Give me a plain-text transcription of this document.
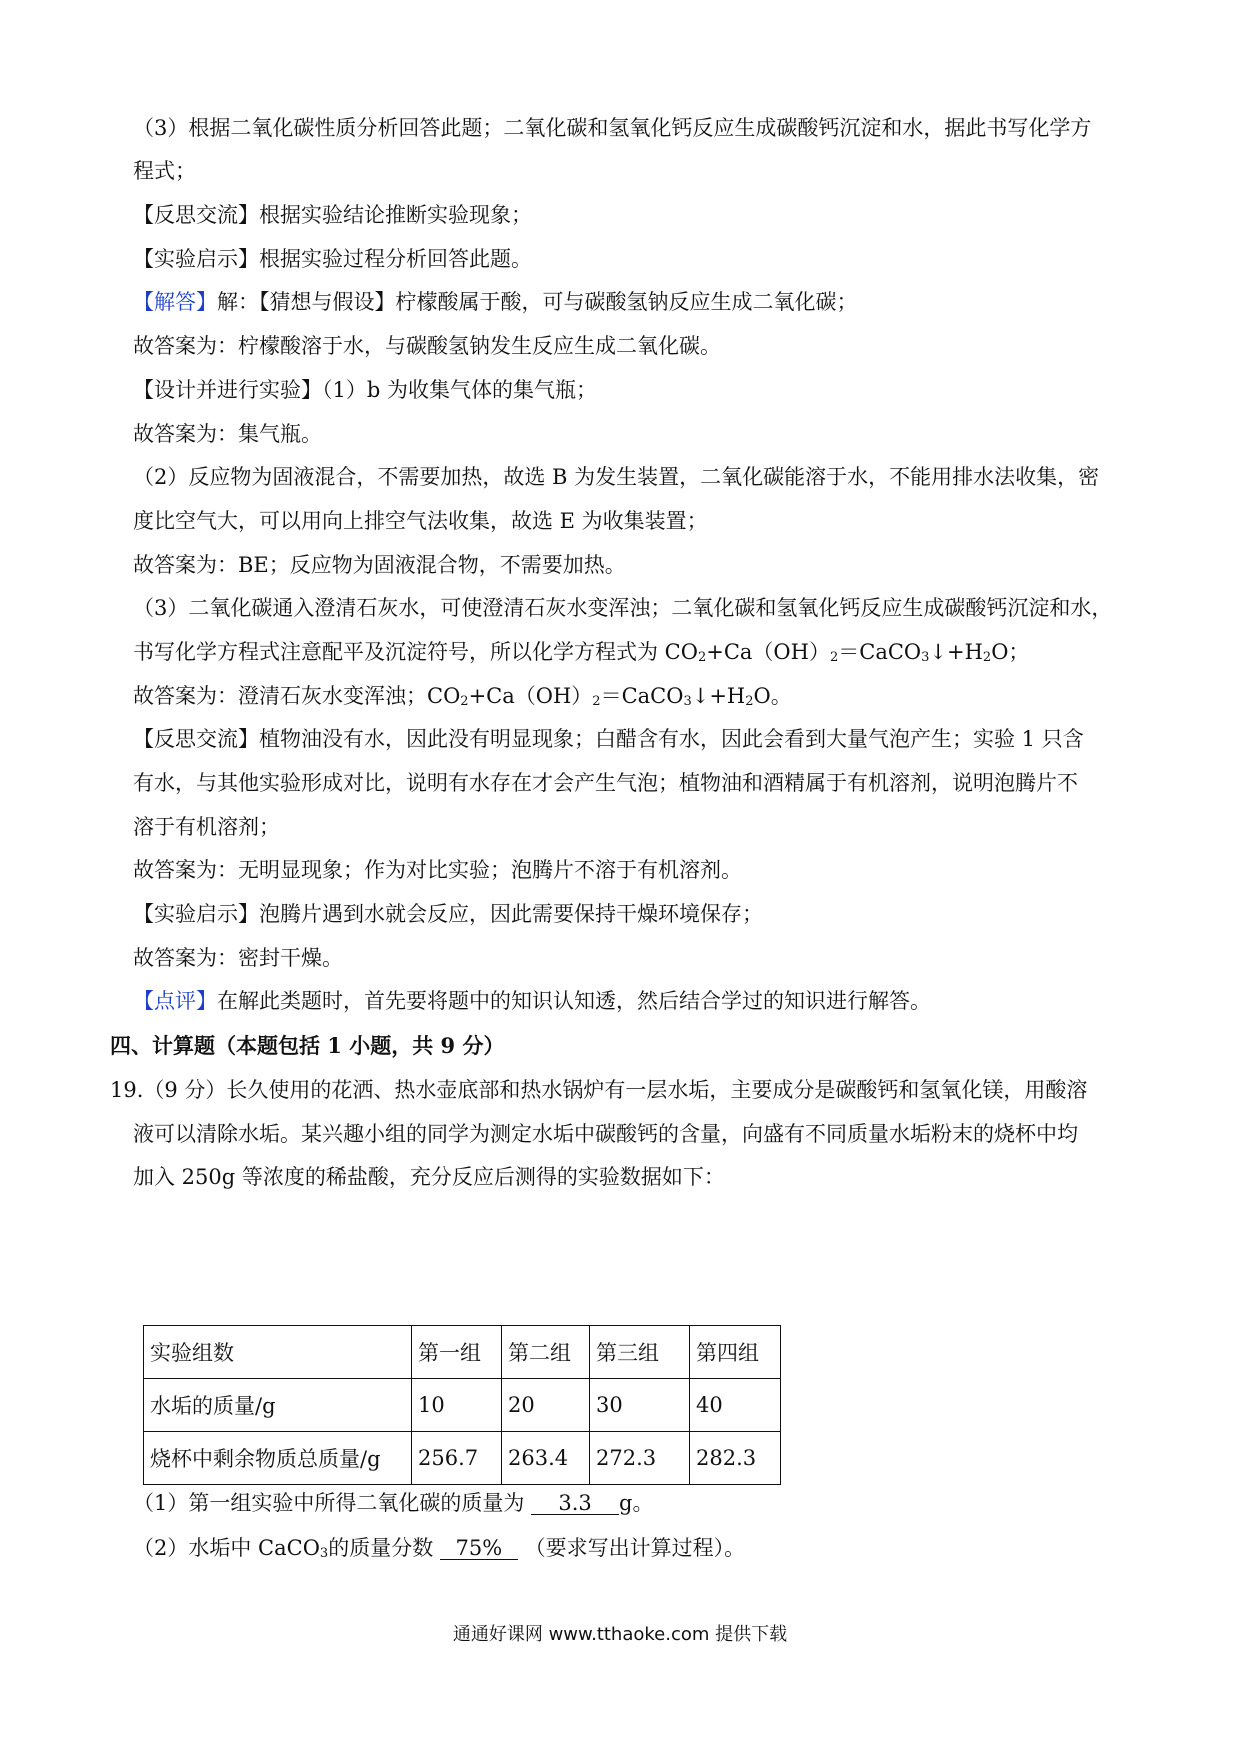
（3）根据二氧化碳性质分析回答此题；二氧化碳和氢氧化钙反应生成碳酸钙沉淀和水，据此书写化学方
程式；
【反思交流】根据实验结论推断实验现象；
【实验启示】根据实验过程分析回答此题。
【解答】解：【猜想与假设】柠檬酸属于酸，可与碳酸氢钠反应生成二氧化碳；
故答案为：柠檬酸溶于水，与碳酸氢钠发生反应生成二氧化碳。
【设计并进行实验】（1）b 为收集气体的集气瓶；
故答案为：集气瓶。
（2）反应物为固液混合，不需要加热，故选 B 为发生装置，二氧化碳能溶于水，不能用排水法收集，密
度比空气大，可以用向上排空气法收集，故选 E 为收集装置；
故答案为：BE；反应物为固液混合物，不需要加热。
（3）二氧化碳通入澄清石灰水，可使澄清石灰水变浑浊；二氧化碳和氢氧化钙反应生成碳酸钙沉淀和水，
书写化学方程式注意配平及沉淀符号，所以化学方程式为 $CO_2+Ca(OH)_2=CaCO_3↓+H_2O$；
故答案为：澄清石灰水变浑浊；$CO_2+Ca(OH)_2=CaCO_3↓+H_2O$。
【反思交流】植物油没有水，因此没有明显现象；白醋含有水，因此会看到大量气泡产生；实验 1 只含
有水，与其他实验形成对比，说明有水存在才会产生气泡；植物油和酒精属于有机溶剂，说明泡腾片不
溶于有机溶剂；
故答案为：无明显现象；作为对比实验；泡腾片不溶于有机溶剂。
【实验启示】泡腾片遇到水就会反应，因此需要保持干燥环境保存；
故答案为：密封干燥。
【点评】在解此类题时，首先要将题中的知识认知透，然后结合学过的知识进行解答。
四、计算题（本题包括 1 小题，共 9 分）
19.（9 分）长久使用的花洒、热水壶底部和热水锅炉有一层水垢，主要成分是碳酸钙和氢氧化镁，用酸溶
液可以清除水垢。某兴趣小组的同学为测定水垢中碳酸钙的含量，向盛有不同质量水垢粉末的烧杯中均
加入 250g 等浓度的稀盐酸，充分反应后测得的实验数据如下：
实验组数	第一组	第二组	第三组	第四组
水垢的质量/g	10	20	30	40
烧杯中剩余物质总质量/g	256.7	263.4	272.3	282.3
（1）第一组实验中所得二氧化碳的质量为 3.3 g。
（2）水垢中 CaCO$_3$的质量分数 75% （要求写出计算过程）。
通通好课网 www.tthaoke.com 提供下载
